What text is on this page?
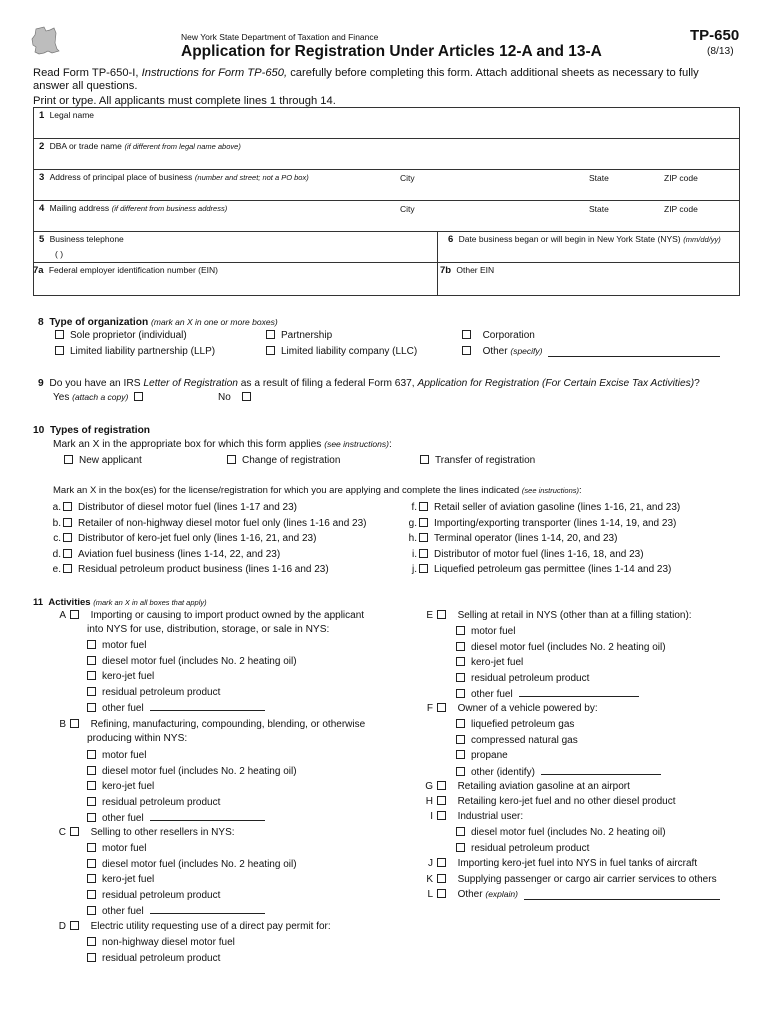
New York State Department of Taxation and Finance
Application for Registration Under Articles 12-A and 13-A
TP-650
(8/13)
Read Form TP-650-I, Instructions for Form TP-650, carefully before completing this form. Attach additional sheets as necessary to fully
answer all questions.
Print or type. All applicants must complete lines 1 through 14.
1 Legal name
2 DBA or trade name (if different from legal name above)
3 Address of principal place of business (number and street; not a PO box)	City	State	ZIP code
4 Mailing address (if different from business address)	City	State	ZIP code
5 Business telephone
( )
6 Date business began or will begin in New York State (NYS) (mm/dd/yy)
7a Federal employer identification number (EIN)	7b Other EIN
8 Type of organization (mark an X in one or more boxes)
Sole proprietor (individual)	Partnership	Corporation
Limited liability partnership (LLP)	Limited liability company (LLC)	Other (specify)
9 Do you have an IRS Letter of Registration as a result of filing a federal Form 637, Application for Registration (For Certain Excise Tax Activities)?
Yes (attach a copy)	No
10 Types of registration
Mark an X in the appropriate box for which this form applies (see instructions):
New applicant	Change of registration	Transfer of registration
Mark an X in the box(es) for the license/registration for which you are applying and complete the lines indicated (see instructions):
a. Distributor of diesel motor fuel (lines 1-17 and 23)
b. Retailer of non-highway diesel motor fuel only (lines 1-16 and 23)
c. Distributor of kero-jet fuel only (lines 1-16, 21, and 23)
d. Aviation fuel business (lines 1-14, 22, and 23)
e. Residual petroleum product business (lines 1-16 and 23)
f. Retail seller of aviation gasoline (lines 1-16, 21, and 23)
g. Importing/exporting transporter (lines 1-14, 19, and 23)
h. Terminal operator (lines 1-14, 20, and 23)
i. Distributor of motor fuel (lines 1-16, 18, and 23)
j. Liquefied petroleum gas permittee (lines 1-14 and 23)
11 Activities (mark an X in all boxes that apply)
A Importing or causing to import product owned by the applicant
into NYS for use, distribution, storage, or sale in NYS:
motor fuel
diesel motor fuel (includes No. 2 heating oil)
kero-jet fuel
residual petroleum product
other fuel
B Refining, manufacturing, compounding, blending, or otherwise
producing within NYS:
motor fuel
diesel motor fuel (includes No. 2 heating oil)
kero-jet fuel
residual petroleum product
other fuel
C Selling to other resellers in NYS:
motor fuel
diesel motor fuel (includes No. 2 heating oil)
kero-jet fuel
residual petroleum product
other fuel
D Electric utility requesting use of a direct pay permit for:
non-highway diesel motor fuel
residual petroleum product
E Selling at retail in NYS (other than at a filling station):
motor fuel
diesel motor fuel (includes No. 2 heating oil)
kero-jet fuel
residual petroleum product
other fuel
F Owner of a vehicle powered by:
liquefied petroleum gas
compressed natural gas
propane
other (identify)
G Retailing aviation gasoline at an airport
H Retailing kero-jet fuel and no other diesel product
I Industrial user:
diesel motor fuel (includes No. 2 heating oil)
residual petroleum product
J Importing kero-jet fuel into NYS in fuel tanks of aircraft
K Supplying passenger or cargo air carrier services to others
L Other (explain)
